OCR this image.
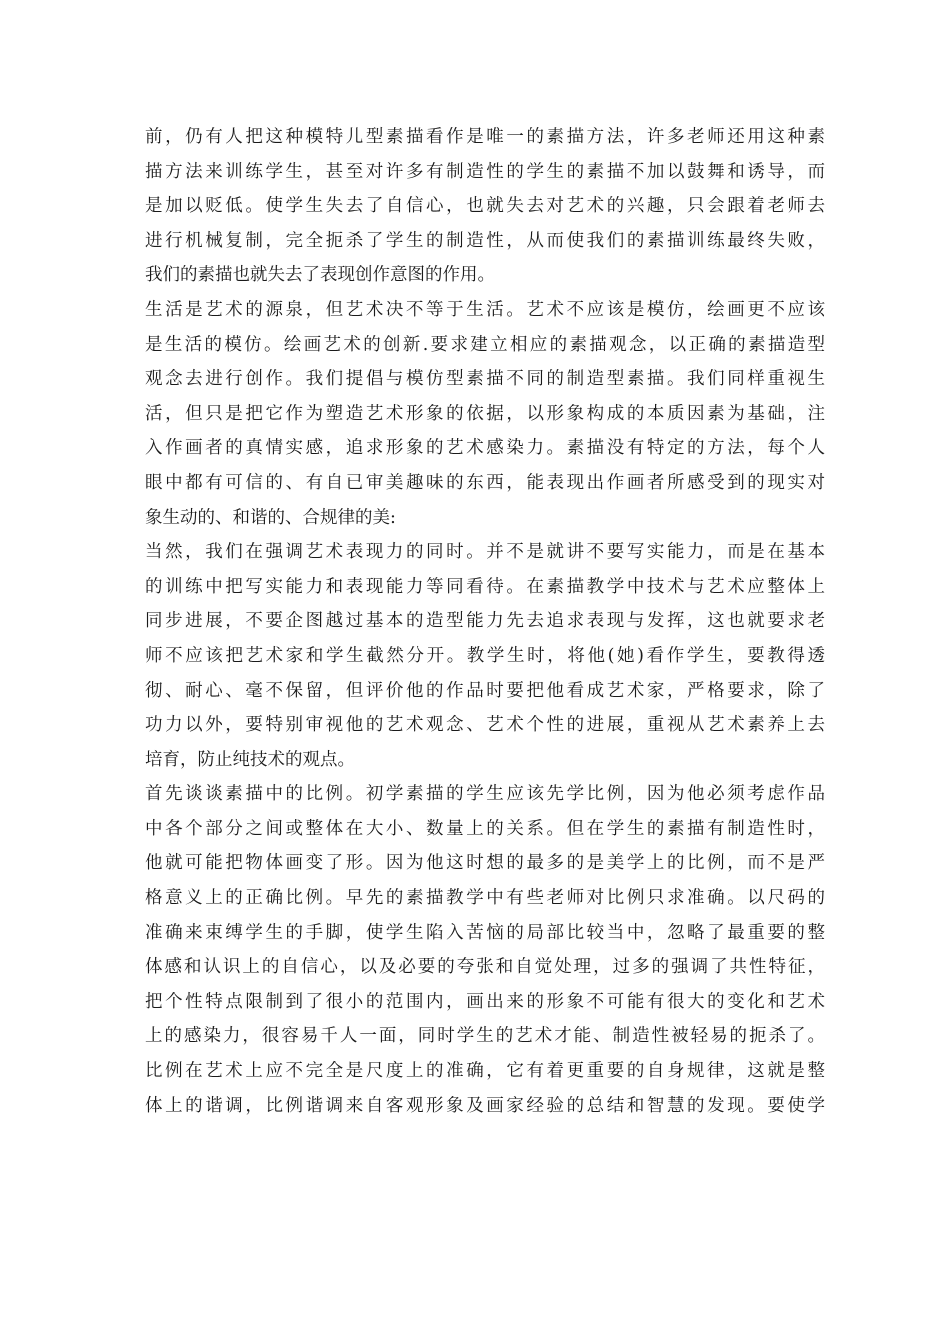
前，仍有人把这种模特儿型素描看作是唯一的素描方法，许多老师还用这种素
描方法来训练学生，甚至对许多有制造性的学生的素描不加以鼓舞和诱导，而
是加以贬低。使学生失去了自信心，也就失去对艺术的兴趣，只会跟着老师去
进行机械复制，完全扼杀了学生的制造性，从而使我们的素描训练最终失败，
我们的素描也就失去了表现创作意图的作用。
生活是艺术的源泉，但艺术决不等于生活。艺术不应该是模仿，绘画更不应该
是生活的模仿。绘画艺术的创新.要求建立相应的素描观念，以正确的素描造型
观念去进行创作。我们提倡与模仿型素描不同的制造型素描。我们同样重视生
活，但只是把它作为塑造艺术形象的依据，以形象构成的本质因素为基础，注
入作画者的真情实感，追求形象的艺术感染力。素描没有特定的方法，每个人
眼中都有可信的、有自已审美趣味的东西，能表现出作画者所感受到的现实对
象生动的、和谐的、合规律的美:
当然，我们在强调艺术表现力的同时。并不是就讲不要写实能力，而是在基本
的训练中把写实能力和表现能力等同看待。在素描教学中技术与艺术应整体上
同步进展，不要企图越过基本的造型能力先去追求表现与发挥，这也就要求老
师不应该把艺术家和学生截然分开。教学生时，将他(她)看作学生，要教得透
彻、耐心、毫不保留，但评价他的作品时要把他看成艺术家，严格要求，除了
功力以外，要特别审视他的艺术观念、艺术个性的进展，重视从艺术素养上去
培育，防止纯技术的观点。
首先谈谈素描中的比例。初学素描的学生应该先学比例，因为他必须考虑作品
中各个部分之间或整体在大小、数量上的关系。但在学生的素描有制造性时，
他就可能把物体画变了形。因为他这时想的最多的是美学上的比例，而不是严
格意义上的正确比例。早先的素描教学中有些老师对比例只求准确。以尺码的
准确来束缚学生的手脚，使学生陷入苦恼的局部比较当中，忽略了最重要的整
体感和认识上的自信心，以及必要的夸张和自觉处理，过多的强调了共性特征，
把个性特点限制到了很小的范围内，画出来的形象不可能有很大的变化和艺术
上的感染力，很容易千人一面，同时学生的艺术才能、制造性被轻易的扼杀了。
比例在艺术上应不完全是尺度上的准确，它有着更重要的自身规律，这就是整
体上的谐调，比例谐调来自客观形象及画家经验的总结和智慧的发现。要使学
